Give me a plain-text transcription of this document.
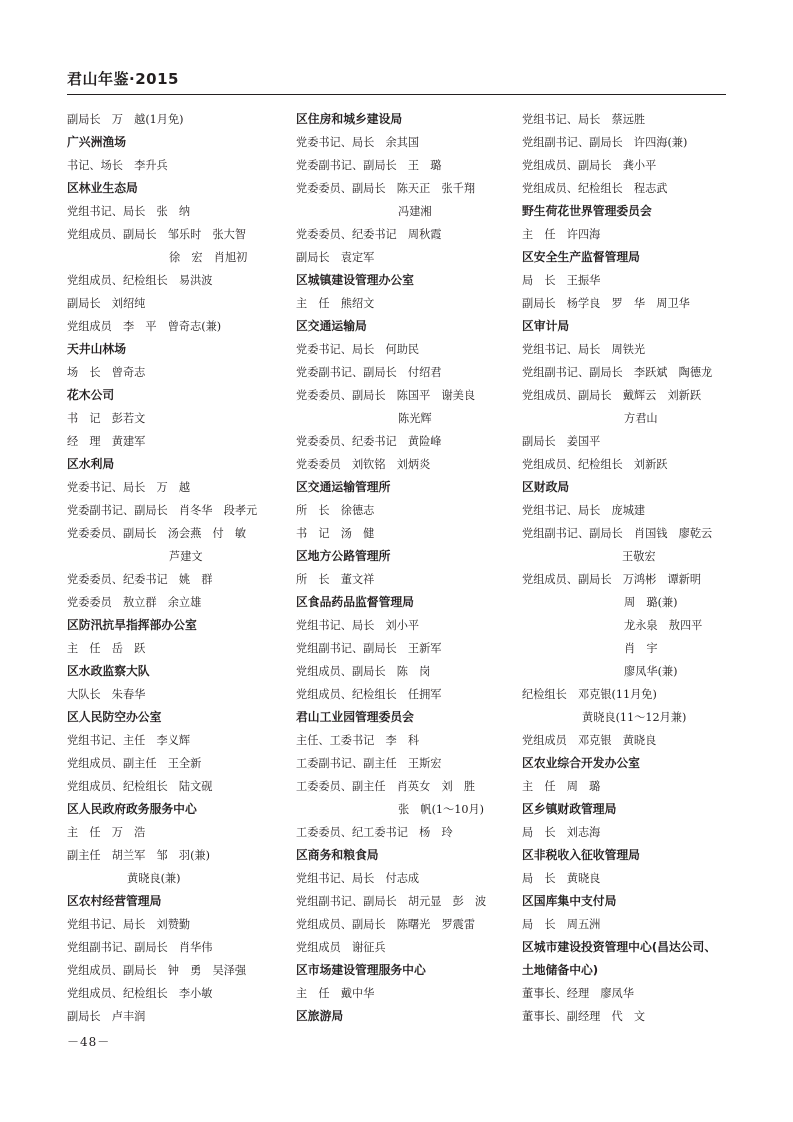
君山年鉴·2015
副局长　万　越(1月免)
广兴洲渔场
书记、场长　李升兵
区林业生态局
党组书记、局长　张　纳
党组成员、副局长　邹乐时　张大智
徐　宏　肖旭初
党组成员、纪检组长　易洪波
副局长　刘绍纯
党组成员　李　平　曾奇志(兼)
天井山林场
场　长　曾奇志
花木公司
书　记　彭若文
经　理　黄建军
区水利局
党委书记、局长　万　越
党委副书记、副局长　肖冬华　段孝元
党委委员、副局长　汤会燕　付　敏
芦建文
党委委员、纪委书记　姚　群
党委委员　敖立群　余立雄
区防汛抗旱指挥部办公室
主　任　岳　跃
区水政监察大队
大队长　朱春华
区人民防空办公室
党组书记、主任　李义辉
党组成员、副主任　王全新
党组成员、纪检组长　陆文砚
区人民政府政务服务中心
主　任　万　浩
副主任　胡兰军　邹　羽(兼)
黄晓良(兼)
区农村经营管理局
党组书记、局长　刘赞勤
党组副书记、副局长　肖华伟
党组成员、副局长　钟　勇　吴泽强
党组成员、纪检组长　李小敏
副局长　卢丰润
区住房和城乡建设局
党委书记、局长　余其国
党委副书记、副局长　王　璐
党委委员、副局长　陈天正　张千翔
冯建湘
党委委员、纪委书记　周秋霞
副局长　袁定军
区城镇建设管理办公室
主　任　熊绍文
区交通运输局
党委书记、局长　何助民
党委副书记、副局长　付绍君
党委委员、副局长　陈国平　谢美良
陈光辉
党委委员、纪委书记　黄险峰
党委委员　刘钦铭　刘炳炎
区交通运输管理所
所　长　徐德志
书　记　汤　健
区地方公路管理所
所　长　董文祥
区食品药品监督管理局
党组书记、局长　刘小平
党组副书记、副局长　王新军
党组成员、副局长　陈　岗
党组成员、纪检组长　任拥军
君山工业园管理委员会
主任、工委书记　李　科
工委副书记、副主任　王斯宏
工委委员、副主任　肖英女　刘　胜
张　帆(1～10月)
工委委员、纪工委书记　杨　玲
区商务和粮食局
党组书记、局长　付志成
党组副书记、副局长　胡元显　彭　波
党组成员、副局长　陈曙光　罗震雷
党组成员　谢征兵
区市场建设管理服务中心
主　任　戴中华
区旅游局
党组书记、局长　蔡远胜
党组副书记、副局长　许四海(兼)
党组成员、副局长　龚小平
党组成员、纪检组长　程志武
野生荷花世界管理委员会
主　任　许四海
区安全生产监督管理局
局　长　王振华
副局长　杨学良　罗　华　周卫华
区审计局
党组书记、局长　周铁光
党组副书记、副局长　李跃斌　陶德龙
党组成员、副局长　戴辉云　刘新跃
方君山
副局长　姜国平
党组成员、纪检组长　刘新跃
区财政局
党组书记、局长　庞城建
党组副书记、副局长　肖国钱　廖乾云
王敬宏
党组成员、副局长　万鸿彬　谭新明
周　璐(兼)
龙永泉　敖四平
肖　宇
廖凤华(兼)
纪检组长　邓克银(11月免)
黄晓良(11～12月兼)
党组成员　邓克银　黄晓良
区农业综合开发办公室
主　任　周　璐
区乡镇财政管理局
局　长　刘志海
区非税收入征收管理局
局　长　黄晓良
区国库集中支付局
局　长　周五洲
区城市建设投资管理中心(昌达公司、
土地储备中心)
董事长、经理　廖凤华
董事长、副经理　代　文
－48－
